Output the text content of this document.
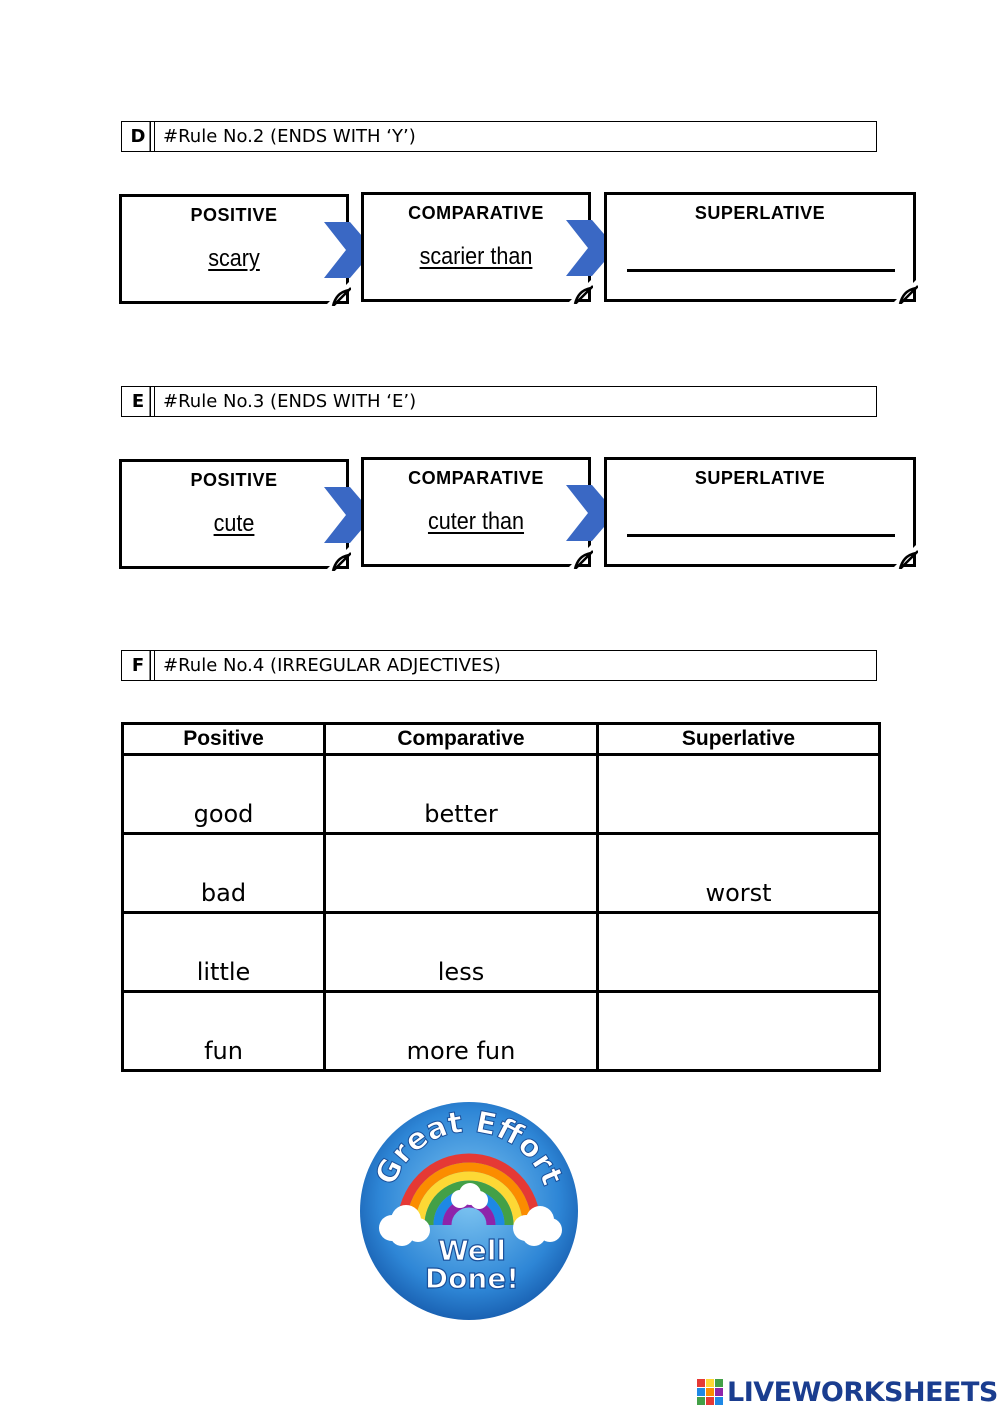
D #Rule No.2 (ENDS WITH ‘Y’)
POSITIVE
scary
COMPARATIVE
scarier than
SUPERLATIVE
E	#Rule No.3 (ENDS WITH ‘E’)
POSITIVE
cute
COMPARATIVE
cuter than
SUPERLATIVE
F	#Rule No.4 (IRREGULAR ADJECTIVES)
Positive	Comparative	Superlative
good	better	
bad		worst
little	less	
fun	more fun	
Great Effort
Well
Done!
LIVEWORKSHEETS
